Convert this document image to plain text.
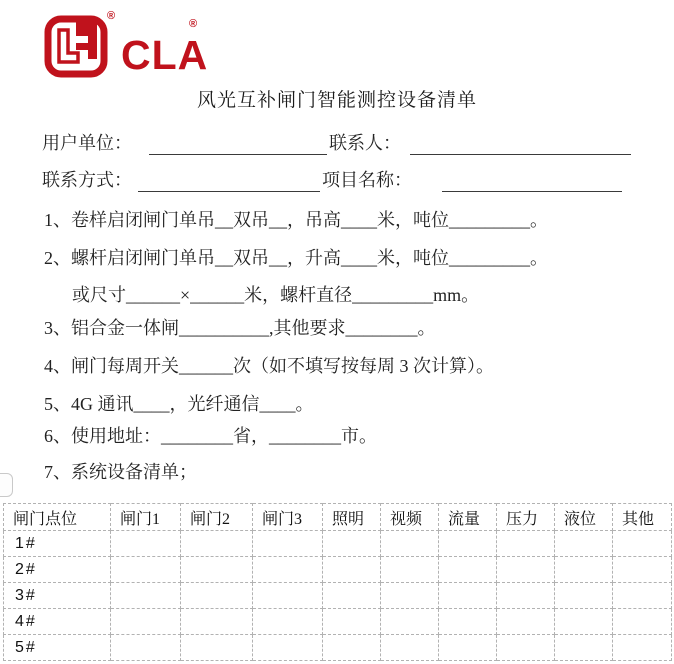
®
CLA
®
风光互补闸门智能测控设备清单
用户单位：	联系人：
联系方式：	项目名称：
1、卷样启闭闸门单吊__双吊__，吊高____米，吨位_________。
2、螺杆启闭闸门单吊__双吊__，升高____米，吨位_________。
或尺寸______×______米，螺杆直径_________mm。
3、铝合金一体闸__________,其他要求________。
4、闸门每周开关______次（如不填写按每周 3 次计算）。
5、4G 通讯____，光纤通信____。
6、使用地址：________省，________市。
7、系统设备清单；
闸门点位	闸门1	闸门2	闸门3	照明	视频	流量	压力	液位	其他
1#									
2#									
3#									
4#									
5#									
